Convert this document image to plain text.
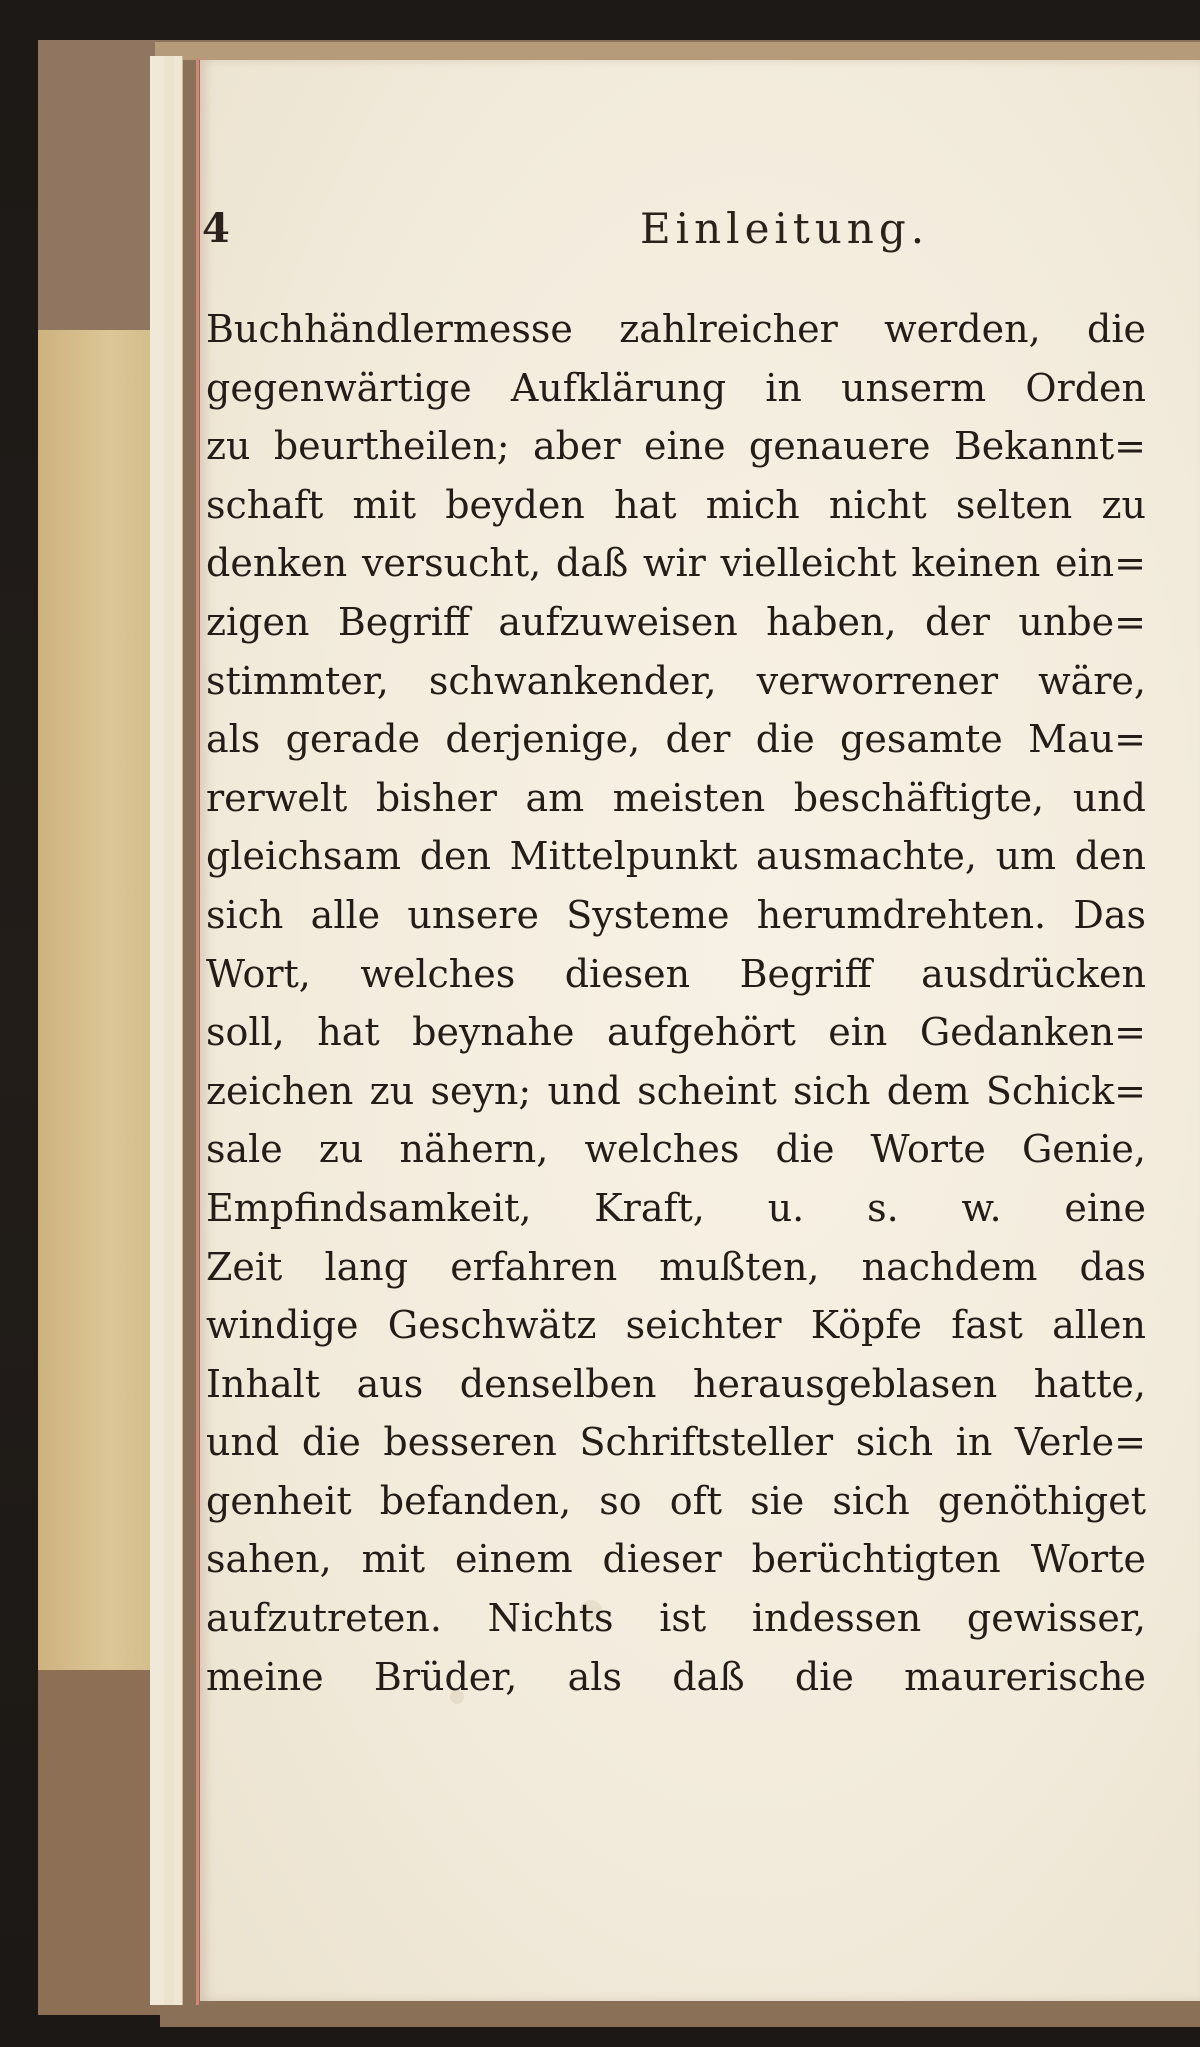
4	Einleitung.
Buchhändlermesse zahlreicher werden, die
gegenwärtige Aufklärung in unserm Orden
zu beurtheilen; aber eine genauere Bekannt=
schaft mit beyden hat mich nicht selten zu
denken versucht, daß wir vielleicht keinen ein=
zigen Begriff aufzuweisen haben, der unbe=
stimmter, schwankender, verworrener wäre,
als gerade derjenige, der die gesamte Mau=
rerwelt bisher am meisten beschäftigte, und
gleichsam den Mittelpunkt ausmachte, um den
sich alle unsere Systeme herumdrehten. Das
Wort, welches diesen Begriff ausdrücken
soll, hat beynahe aufgehört ein Gedanken=
zeichen zu seyn; und scheint sich dem Schick=
sale zu nähern, welches die Worte Genie,
Empfindsamkeit, Kraft, u. s. w. eine
Zeit lang erfahren mußten, nachdem das
windige Geschwätz seichter Köpfe fast allen
Inhalt aus denselben herausgeblasen hatte,
und die besseren Schriftsteller sich in Verle=
genheit befanden, so oft sie sich genöthiget
sahen, mit einem dieser berüchtigten Worte
aufzutreten. Nichts ist indessen gewisser,
meine Brüder, als daß die maurerische
